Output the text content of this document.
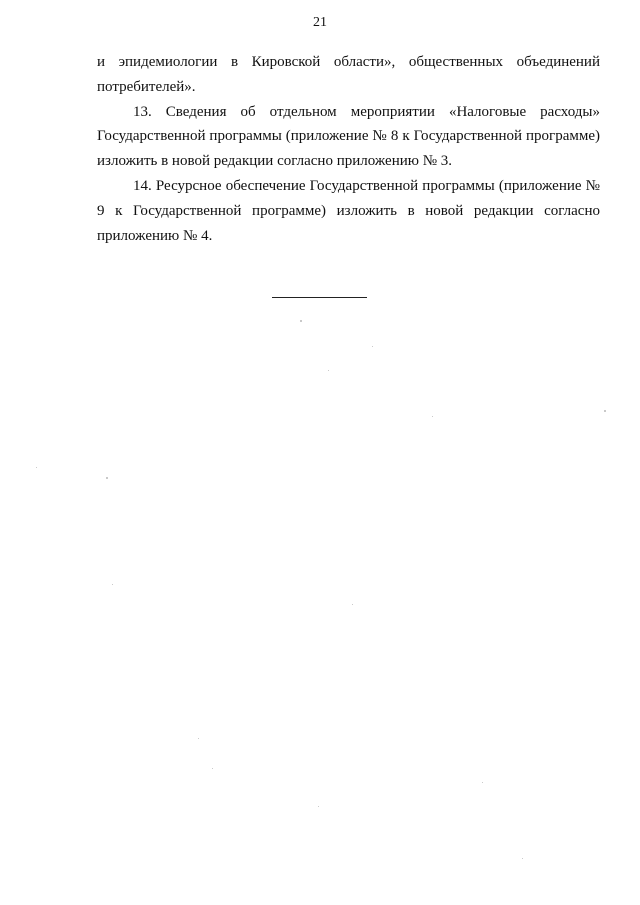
21

и эпидемиологии в Кировской области», общественных объединений потребителей».

13. Сведения об отдельном мероприятии «Налоговые расходы» Государственной программы (приложение № 8 к Государственной программе) изложить в новой редакции согласно приложению № 3.

14. Ресурсное обеспечение Государственной программы (приложение № 9 к Государственной программе) изложить в новой редакции согласно приложению № 4.
